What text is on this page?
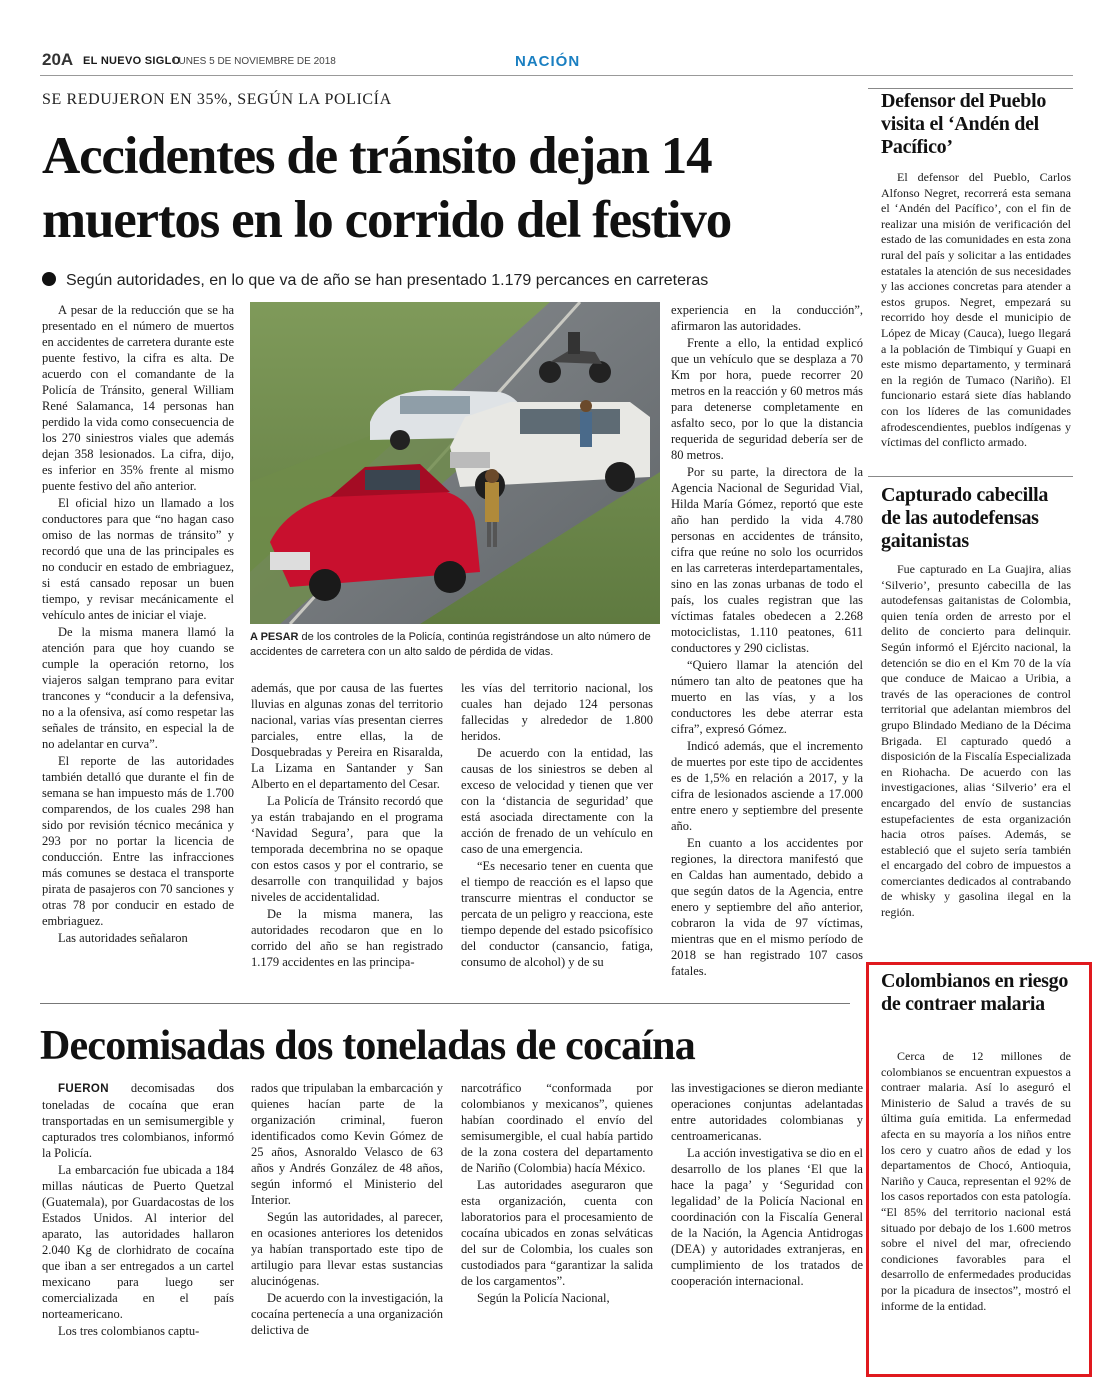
20A EL NUEVO SIGLO
LUNES 5 DE NOVIEMBRE DE 2018	NACIÓN
SE REDUJERON EN 35%, SEGÚN LA POLICÍA
Accidentes de tránsito dejan 14 muertos en lo corrido del festivo
Según autoridades, en lo que va de año se han presentado 1.179 percances en carreteras

A pesar de la reducción que se ha presentado en el número de muertos en accidentes de carretera durante este puente festivo, la cifra es alta. De acuerdo con el comandante de la Policía de Tránsito, general William René Salamanca, 14 personas han perdido la vida como consecuencia de los 270 siniestros viales que además dejan 358 lesionados. La cifra, dijo, es inferior en 35% frente al mismo puente festivo del año anterior.

El oficial hizo un llamado a los conductores para que “no hagan caso omiso de las normas de tránsito” y recordó que una de las principales es no conducir en estado de embriaguez, si está cansado reposar un buen tiempo, y revisar mecánicamente el vehículo antes de iniciar el viaje.

De la misma manera llamó la atención para que hoy cuando se cumple la operación retorno, los viajeros salgan temprano para evitar trancones y “conducir a la defensiva, no a la ofensiva, así como respetar las señales de tránsito, en especial la de no adelantar en curva”.

El reporte de las autoridades también detalló que durante el fin de semana se han impuesto más de 1.700 comparendos, de los cuales 298 han sido por revisión técnico mecánica y 293 por no portar la licencia de conducción. Entre las infracciones más comunes se destaca el transporte pirata de pasajeros con 70 sanciones y otras 78 por conducir en estado de embriaguez.

Las autoridades señalaron

A PESAR de los controles de la Policía, continúa registrándose un alto número de accidentes de carretera con un alto saldo de pérdida de vidas.

además, que por causa de las fuertes lluvias en algunas zonas del territorio nacional, varias vías presentan cierres parciales, entre ellas, la de Dosquebradas y Pereira en Risaralda, La Lizama en Santander y San Alberto en el departamento del Cesar.

La Policía de Tránsito recordó que ya están trabajando en el programa ‘Navidad Segura’, para que la temporada decembrina no se opaque con estos casos y por el contrario, se desarrolle con tranquilidad y bajos niveles de accidentalidad.

De la misma manera, las autoridades recodaron que en lo corrido del año se han registrado 1.179 accidentes en las principa-

les vías del territorio nacional, los cuales han dejado 124 personas fallecidas y alrededor de 1.800 heridos.

De acuerdo con la entidad, las causas de los siniestros se deben al exceso de velocidad y tienen que ver con la ‘distancia de seguridad’ que está asociada directamente con la acción de frenado de un vehículo en caso de una emergencia.

“Es necesario tener en cuenta que el tiempo de reacción es el lapso que transcurre mientras el conductor se percata de un peligro y reacciona, este tiempo depende del estado psicofísico del conductor (cansancio, fatiga, consumo de alcohol) y de su

experiencia en la conducción”, afirmaron las autoridades.

Frente a ello, la entidad explicó que un vehículo que se desplaza a 70 Km por hora, puede recorrer 20 metros en la reacción y 60 metros más para detenerse completamente en asfalto seco, por lo que la distancia requerida de seguridad debería ser de 80 metros.

Por su parte, la directora de la Agencia Nacional de Seguridad Vial, Hilda María Gómez, reportó que este año han perdido la vida 4.780 personas en accidentes de tránsito, cifra que reúne no solo los ocurridos en las carreteras interdepartamentales, sino en las zonas urbanas de todo el país, los cuales registran que las víctimas fatales obedecen a 2.268 motociclistas, 1.110 peatones, 611 conductores y 290 ciclistas.

“Quiero llamar la atención del número tan alto de peatones que ha muerto en las vías, y a los conductores les debe aterrar esta cifra”, expresó Gómez.

Indicó además, que el incremento de muertes por este tipo de accidentes es de 1,5% en relación a 2017, y la cifra de lesionados asciende a 17.000 entre enero y septiembre del presente año.

En cuanto a los accidentes por regiones, la directora manifestó que en Caldas han aumentado, debido a que según datos de la Agencia, entre enero y septiembre del año anterior, cobraron la vida de 97 víctimas, mientras que en el mismo período de 2018 se han registrado 107 casos fatales.

Decomisadas dos toneladas de cocaína

FUERON decomisadas dos toneladas de cocaína que eran transportadas en un semisumergible y capturados tres colombianos, informó la Policía.

La embarcación fue ubicada a 184 millas náuticas de Puerto Quetzal (Guatemala), por Guardacostas de los Estados Unidos. Al interior del aparato, las autoridades hallaron 2.040 Kg de clorhidrato de cocaína que iban a ser entregados a un cartel mexicano para luego ser comercializada en el país norteamericano.

Los tres colombianos captu-

rados que tripulaban la embarcación y quienes hacían parte de la organización criminal, fueron identificados como Kevin Gómez de 25 años, Asnoraldo Velasco de 63 años y Andrés González de 48 años, según informó el Ministerio del Interior.

Según las autoridades, al parecer, en ocasiones anteriores los detenidos ya habían transportado este tipo de artilugio para llevar estas sustancias alucinógenas.

De acuerdo con la investigación, la cocaína pertenecía a una organización delictiva de

narcotráfico “conformada por colombianos y mexicanos”, quienes habían coordinado el envío del semisumergible, el cual había partido de la zona costera del departamento de Nariño (Colombia) hacía México.

Las autoridades aseguraron que esta organización, cuenta con laboratorios para el procesamiento de cocaína ubicados en zonas selváticas del sur de Colombia, los cuales son custodiados para “garantizar la salida de los cargamentos”.

Según la Policía Nacional,

las investigaciones se dieron mediante operaciones conjuntas adelantadas entre autoridades colombianas y centroamericanas.

La acción investigativa se dio en el desarrollo de los planes ‘El que la hace la paga’ y ‘Seguridad con legalidad’ de la Policía Nacional en coordinación con la Fiscalía General de la Nación, la Agencia Antidrogas (DEA) y autoridades extranjeras, en cumplimiento de los tratados de cooperación internacional.

Defensor del Pueblo visita el ‘Andén del Pacífico’

El defensor del Pueblo, Carlos Alfonso Negret, recorrerá esta semana el ‘Andén del Pacífico’, con el fin de realizar una misión de verificación del estado de las comunidades en esta zona rural del país y solicitar a las entidades estatales la atención de sus necesidades y las acciones concretas para atender a estos grupos. Negret, empezará su recorrido hoy desde el municipio de López de Micay (Cauca), luego llegará a la población de Timbiquí y Guapi en este mismo departamento, y terminará en la región de Tumaco (Nariño). El funcionario estará siete días hablando con los líderes de las comunidades afrodescendientes, pueblos indígenas y víctimas del conflicto armado.

Capturado cabecilla de las autodefensas gaitanistas

Fue capturado en La Guajira, alias ‘Silverio’, presunto cabecilla de las autodefensas gaitanistas de Colombia, quien tenía orden de arresto por el delito de concierto para delinquir. Según informó el Ejército nacional, la detención se dio en el Km 70 de la vía que conduce de Maicao a Uribia, a través de las operaciones de control territorial que adelantan miembros del grupo Blindado Mediano de la Décima Brigada. El capturado quedó a disposición de la Fiscalía Especializada en Riohacha. De acuerdo con las investigaciones, alias ‘Silverio’ era el encargado del envío de sustancias estupefacientes de esta organización hacia otros países. Además, se estableció que el sujeto sería también el encargado del cobro de impuestos a comerciantes dedicados al contrabando de whisky y gasolina ilegal en la región.

Colombianos en riesgo de contraer malaria

Cerca de 12 millones de colombianos se encuentran expuestos a contraer malaria. Así lo aseguró el Ministerio de Salud a través de su última guía emitida. La enfermedad afecta en su mayoría a los niños entre los cero y cuatro años de edad y los departamentos de Chocó, Antioquia, Nariño y Cauca, representan el 92% de los casos reportados con esta patología. “El 85% del territorio nacional está situado por debajo de los 1.600 metros sobre el nivel del mar, ofreciendo condiciones favorables para el desarrollo de enfermedades producidas por la picadura de insectos”, mostró el informe de la entidad.
